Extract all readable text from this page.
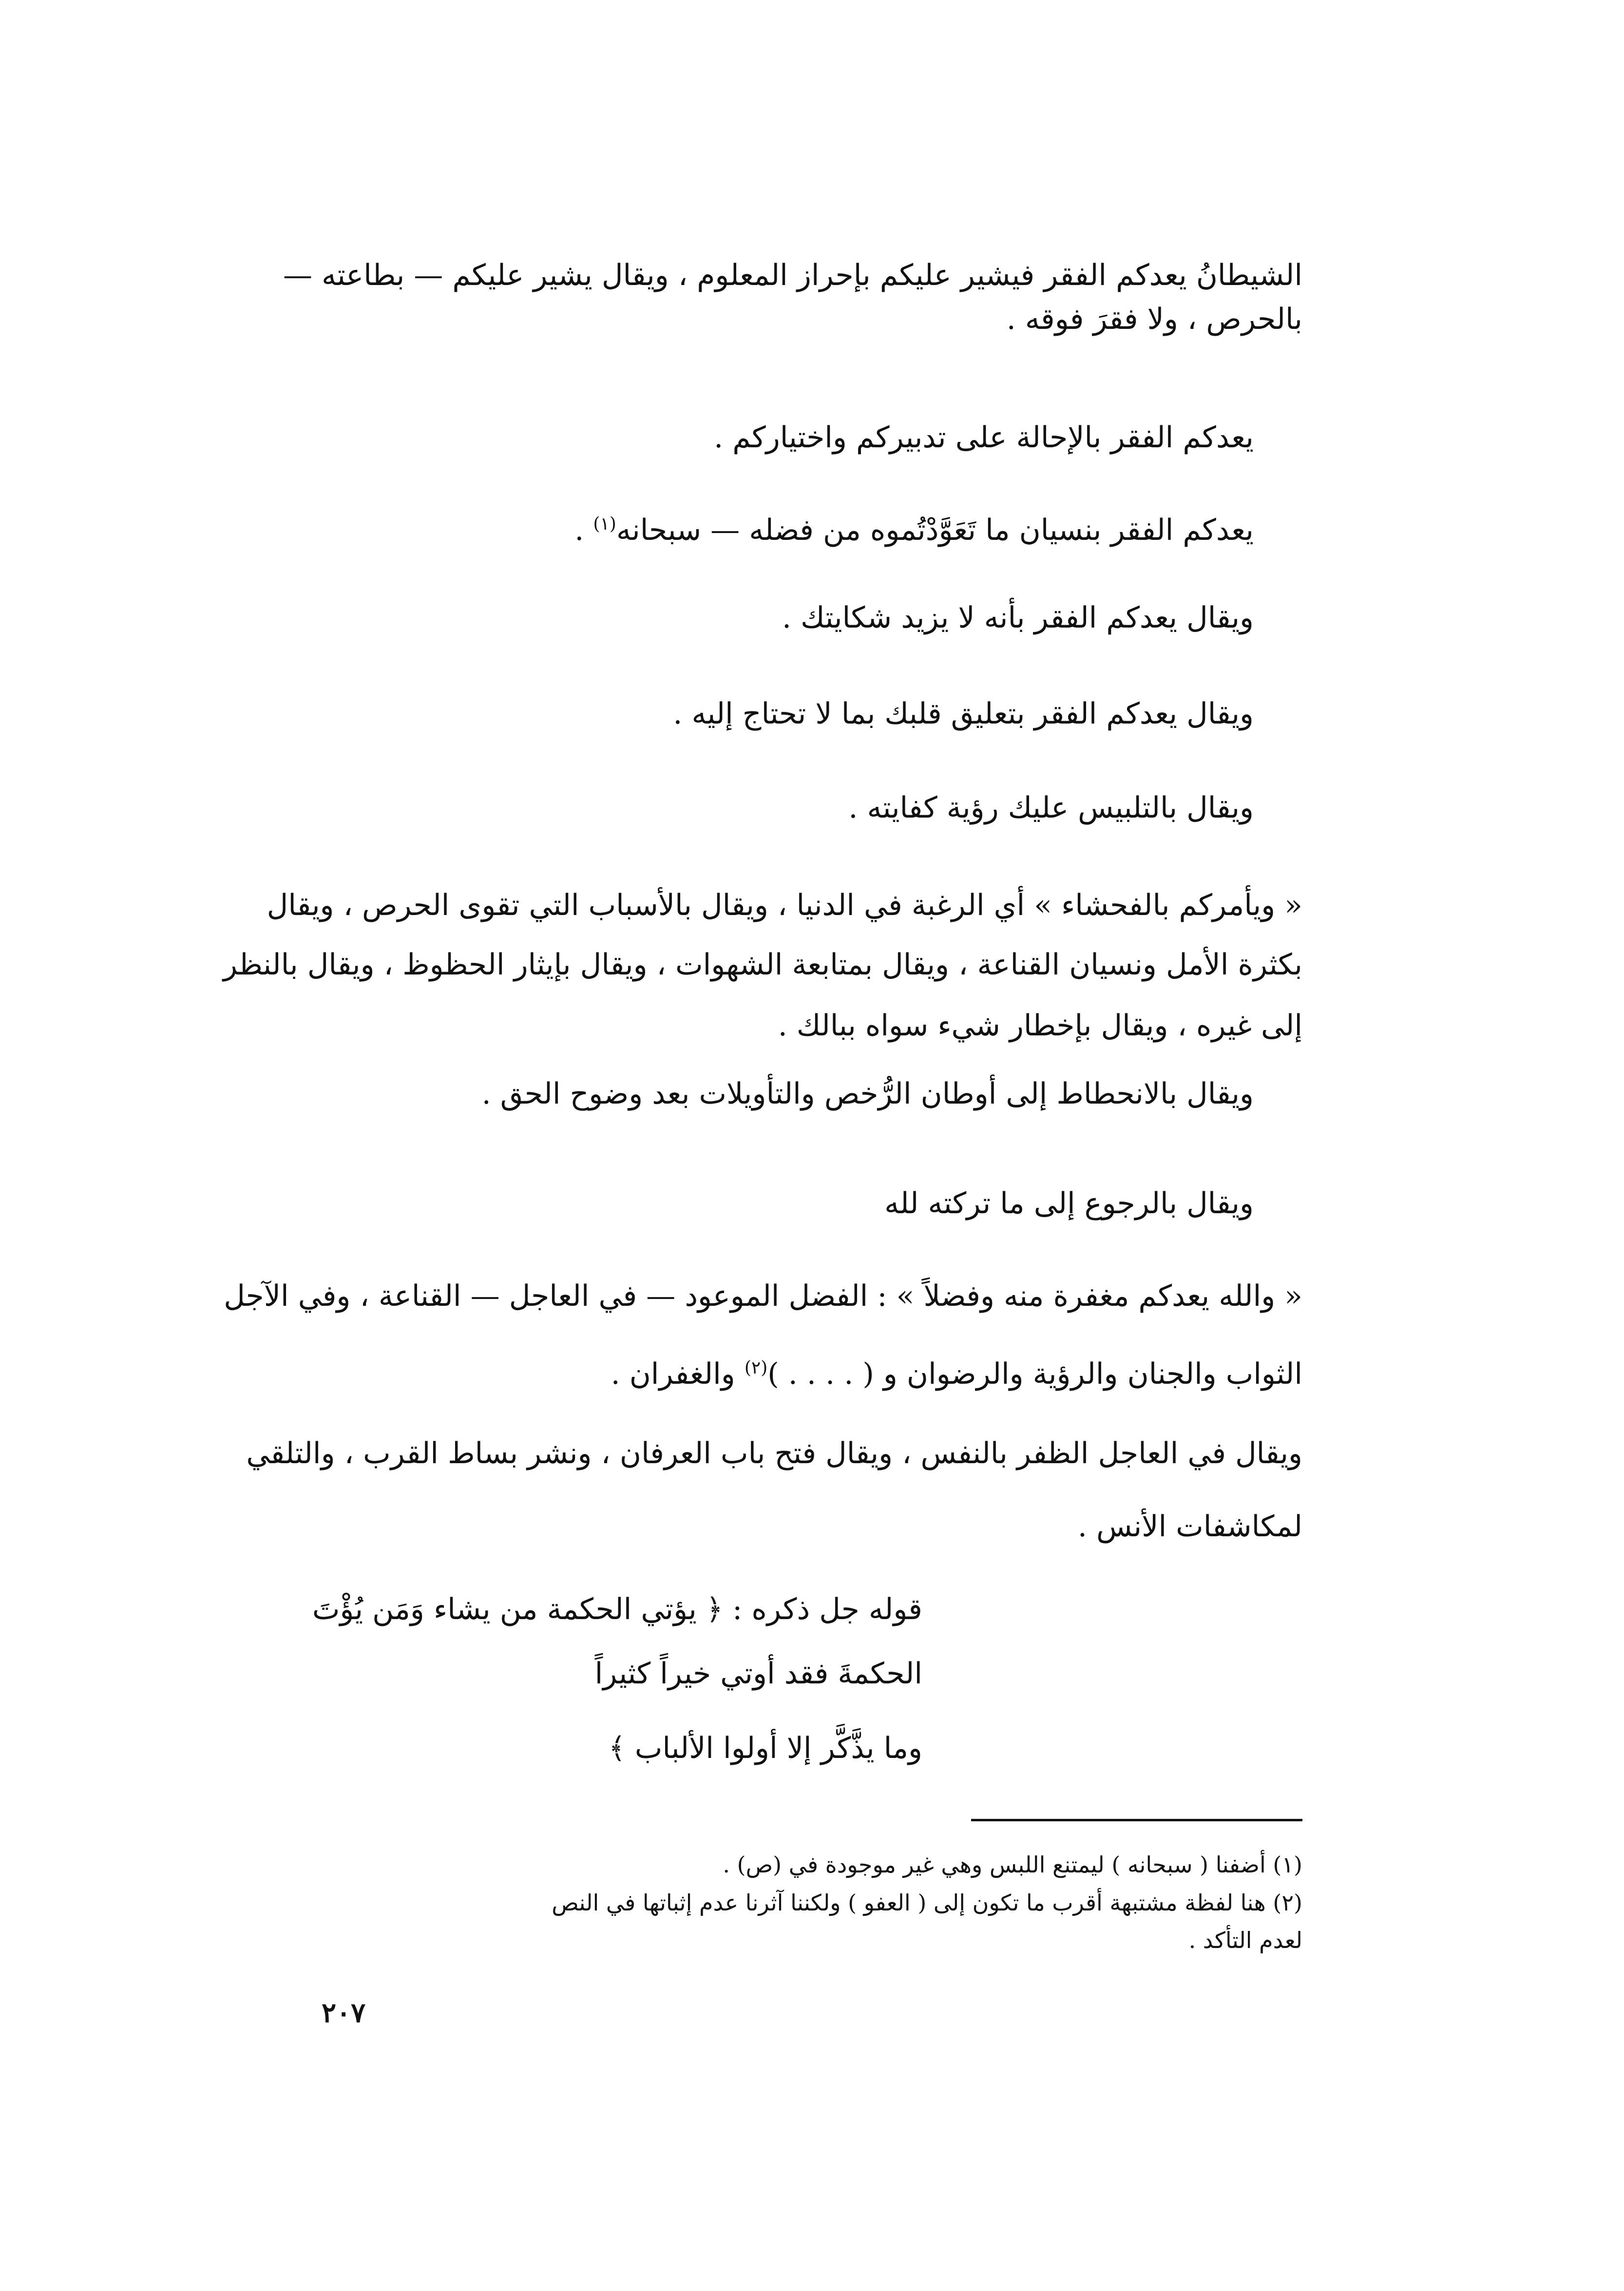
الشيطانُ يعدكم الفقر فيشير عليكم بإحراز المعلوم ، ويقال يشير عليكم — بطاعته —
بالحرص ، ولا فقرَ فوقه .
يعدكم الفقر بالإحالة على تدبيركم واختياركم .
يعدكم الفقر بنسيان ما تَعَوَّدْتُموه من فضله — سبحانه$^{(١)}$ .
ويقال يعدكم الفقر بأنه لا يزيد شكايتك .
ويقال يعدكم الفقر بتعليق قلبك بما لا تحتاج إليه .
ويقال بالتلبيس عليك رؤية كفايته .
« ويأمركم بالفحشاء » أي الرغبة في الدنيا ، ويقال بالأسباب التي تقوى الحرص ، ويقال
بكثرة الأمل ونسيان القناعة ، ويقال بمتابعة الشهوات ، ويقال بإيثار الحظوظ ، ويقال بالنظر
إلى غيره ، ويقال بإخطار شيء سواه ببالك .
ويقال بالانحطاط إلى أوطان الرُّخص والتأويلات بعد وضوح الحق .
ويقال بالرجوع إلى ما تركته لله
« والله يعدكم مغفرة منه وفضلاً » : الفضل الموعود — في العاجل — القناعة ، وفي الآجل
الثواب والجنان والرؤية والرضوان و ( . . . . )$^{(٢)}$ والغفران .
ويقال في العاجل الظفر بالنفس ، ويقال فتح باب العرفان ، ونشر بساط القرب ، والتلقي
لمكاشفات الأنس .
قوله جل ذكره : ﴿ يؤتي الحكمة من يشاء وَمَن يُؤْتَ
الحكمةَ فقد أوتي خيراً كثيراً
وما يذَّكَّر إلا أولوا الألباب ﴾
(١) أضفنا ( سبحانه ) ليمتنع اللبس وهي غير موجودة في (ص) .
(٢) هنا لفظة مشتبهة أقرب ما تكون إلى ( العفو ) ولكننا آثرنا عدم إثباتها في النص
لعدم التأكد .
٢٠٧
